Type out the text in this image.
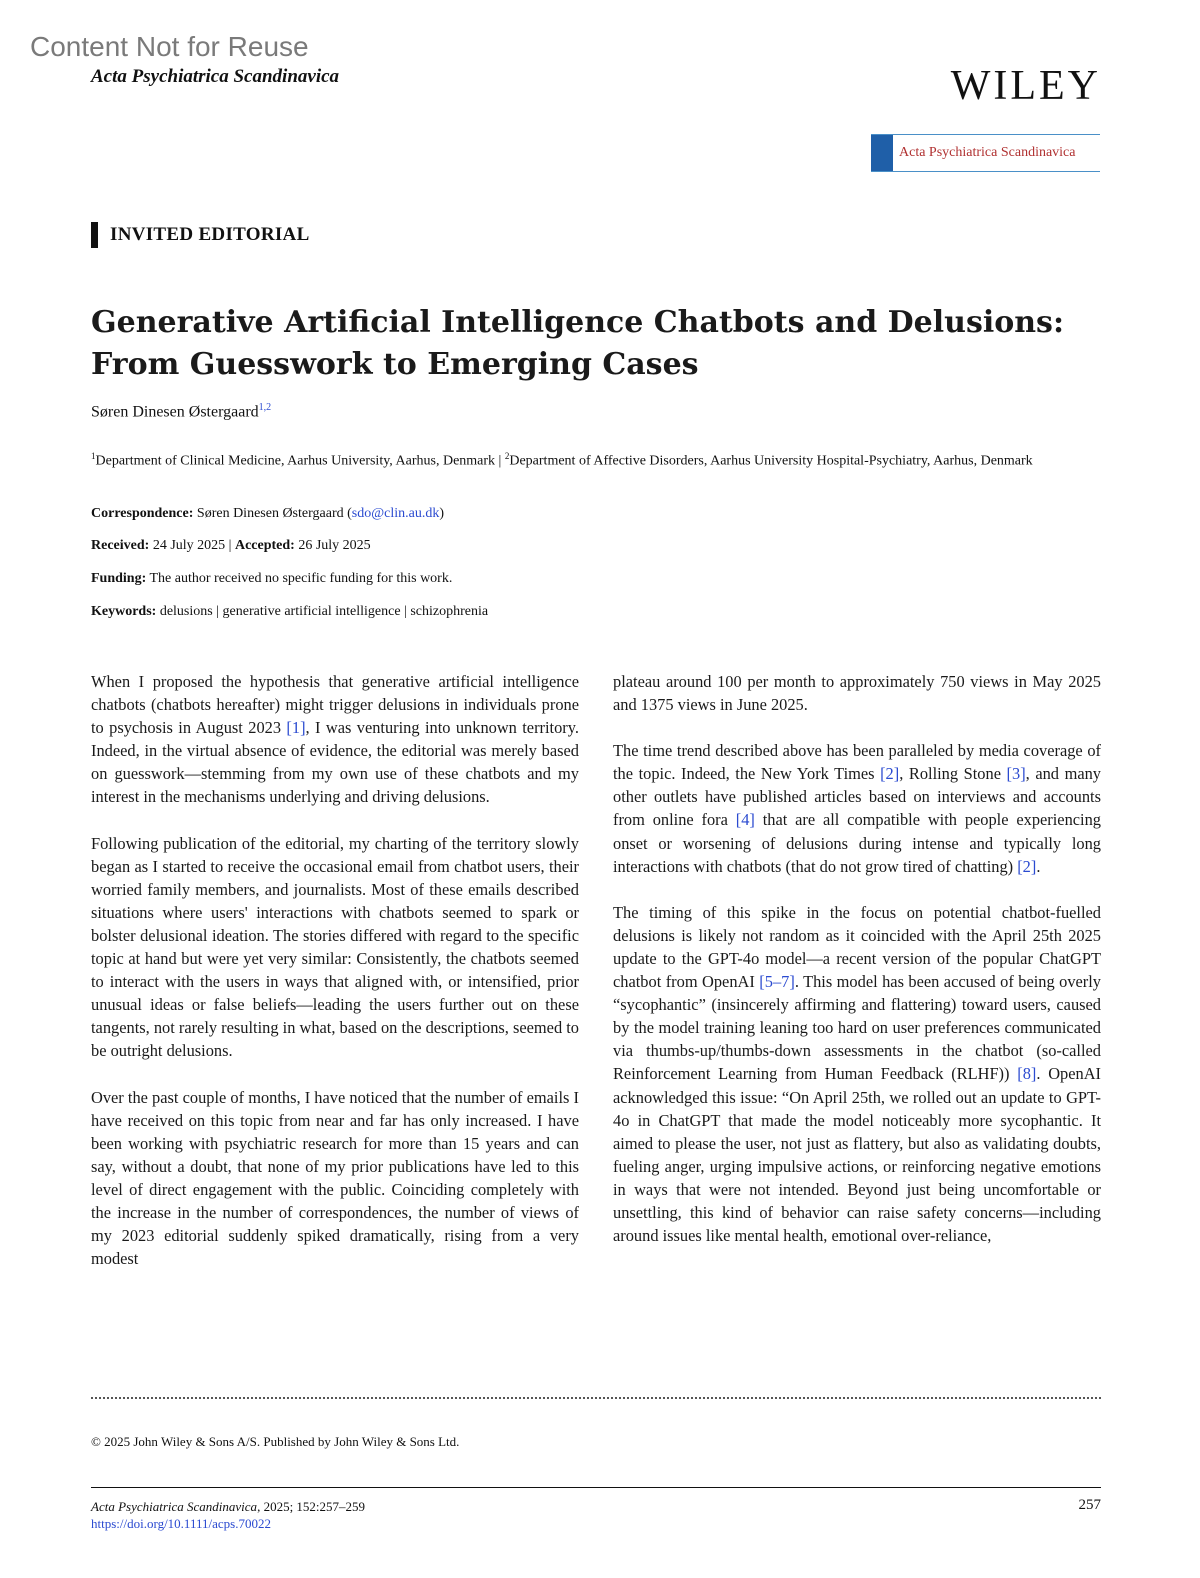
Content Not for Reuse
Acta Psychiatrica Scandinavica	WILEY
Acta Psychiatrica Scandinavica
INVITED EDITORIAL
Generative Artificial Intelligence Chatbots and Delusions:
From Guesswork to Emerging Cases
Søren Dinesen Østergaard$^{1,2}$
$^1$Department of Clinical Medicine, Aarhus University, Aarhus, Denmark | $^2$Department of Affective Disorders, Aarhus University Hospital-Psychiatry, Aarhus, Denmark
Correspondence: Søren Dinesen Østergaard (sdo@clin.au.dk)
Received: 24 July 2025 | Accepted: 26 July 2025
Funding: The author received no specific funding for this work.
Keywords: delusions | generative artificial intelligence | schizophrenia

When I proposed the hypothesis that generative artificial intelligence chatbots (chatbots hereafter) might trigger delusions in individuals prone to psychosis in August 2023 [1], I was venturing into unknown territory. Indeed, in the virtual absence of evidence, the editorial was merely based on guesswork—stemming from my own use of these chatbots and my interest in the mechanisms underlying and driving delusions.

Following publication of the editorial, my charting of the territory slowly began as I started to receive the occasional email from chatbot users, their worried family members, and journalists. Most of these emails described situations where users' interactions with chatbots seemed to spark or bolster delusional ideation. The stories differed with regard to the specific topic at hand but were yet very similar: Consistently, the chatbots seemed to interact with the users in ways that aligned with, or intensified, prior unusual ideas or false beliefs—leading the users further out on these tangents, not rarely resulting in what, based on the descriptions, seemed to be outright delusions.

Over the past couple of months, I have noticed that the number of emails I have received on this topic from near and far has only increased. I have been working with psychiatric research for more than 15 years and can say, without a doubt, that none of my prior publications have led to this level of direct engagement with the public. Coinciding completely with the increase in the number of correspondences, the number of views of my 2023 editorial suddenly spiked dramatically, rising from a very modest

plateau around 100 per month to approximately 750 views in May 2025 and 1375 views in June 2025.

The time trend described above has been paralleled by media coverage of the topic. Indeed, the New York Times [2], Rolling Stone [3], and many other outlets have published articles based on interviews and accounts from online fora [4] that are all compatible with people experiencing onset or worsening of delusions during intense and typically long interactions with chatbots (that do not grow tired of chatting) [2].

The timing of this spike in the focus on potential chatbot-fuelled delusions is likely not random as it coincided with the April 25th 2025 update to the GPT-4o model—a recent version of the popular ChatGPT chatbot from OpenAI [5–7]. This model has been accused of being overly “sycophantic” (insincerely affirming and flattering) toward users, caused by the model training leaning too hard on user preferences communicated via thumbs-up/thumbs-down assessments in the chatbot (so-called Reinforcement Learning from Human Feedback (RLHF)) [8]. OpenAI acknowledged this issue: “On April 25th, we rolled out an update to GPT-4o in ChatGPT that made the model noticeably more sycophantic. It aimed to please the user, not just as flattery, but also as validating doubts, fueling anger, urging impulsive actions, or reinforcing negative emotions in ways that were not intended. Beyond just being uncomfortable or unsettling, this kind of behavior can raise safety concerns—including around issues like mental health, emotional over-reliance,

© 2025 John Wiley & Sons A/S. Published by John Wiley & Sons Ltd.
Acta Psychiatrica Scandinavica, 2025; 152:257–259
https://doi.org/10.1111/acps.70022
257
